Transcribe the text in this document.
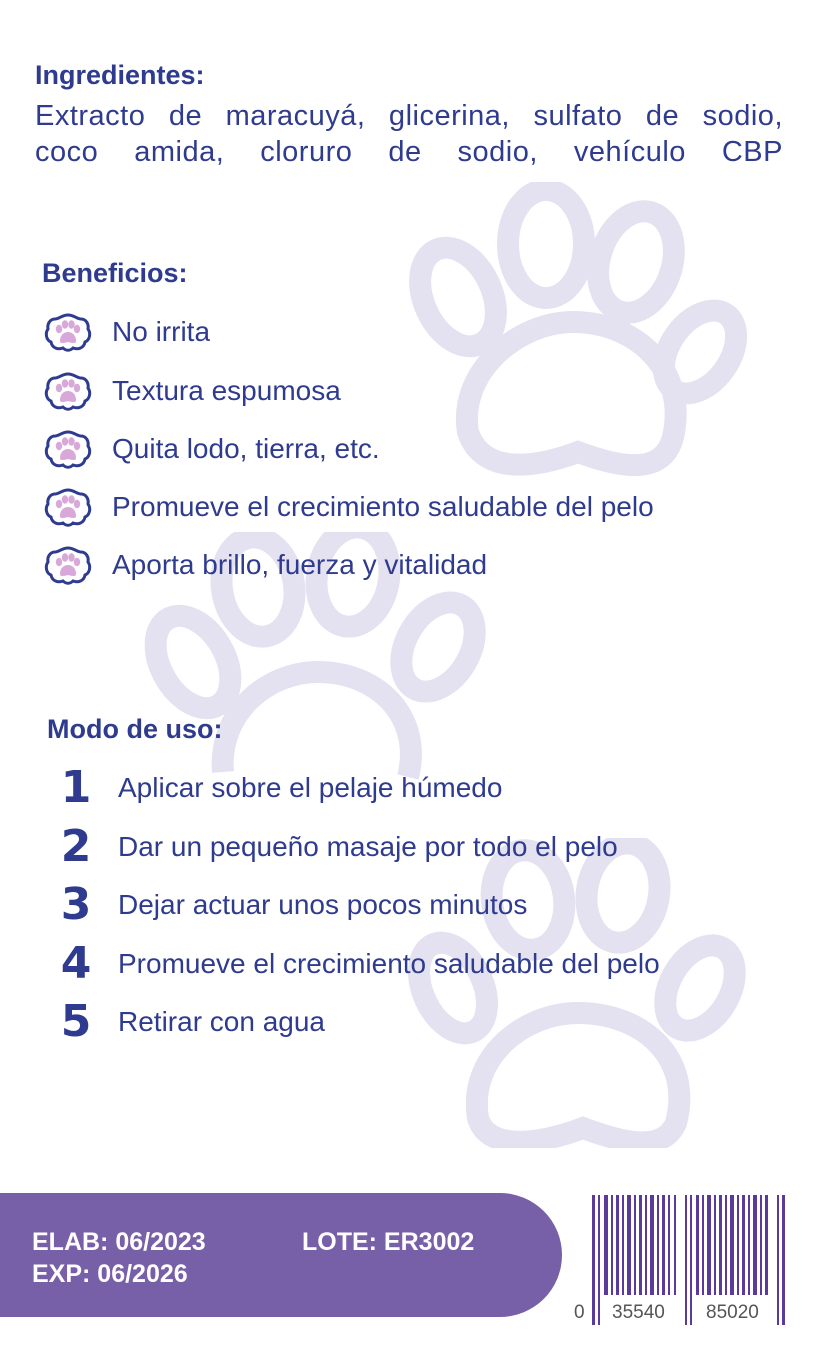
Ingredientes:
Extracto de maracuyá, glicerina, sulfato de sodio,
coco amida, cloruro de sodio, vehículo CBP
Beneficios:
No irrita
Textura espumosa
Quita lodo, tierra, etc.
Promueve el crecimiento saludable del pelo
Aporta brillo, fuerza y vitalidad
Modo de uso:
1 Aplicar sobre el pelaje húmedo
2 Dar un pequeño masaje por todo el pelo
3 Dejar actuar unos pocos minutos
4 Promueve el crecimiento saludable del pelo
5 Retirar con agua
ELAB: 06/2023
EXP: 06/2026
LOTE: ER3002
0 35540 85020
